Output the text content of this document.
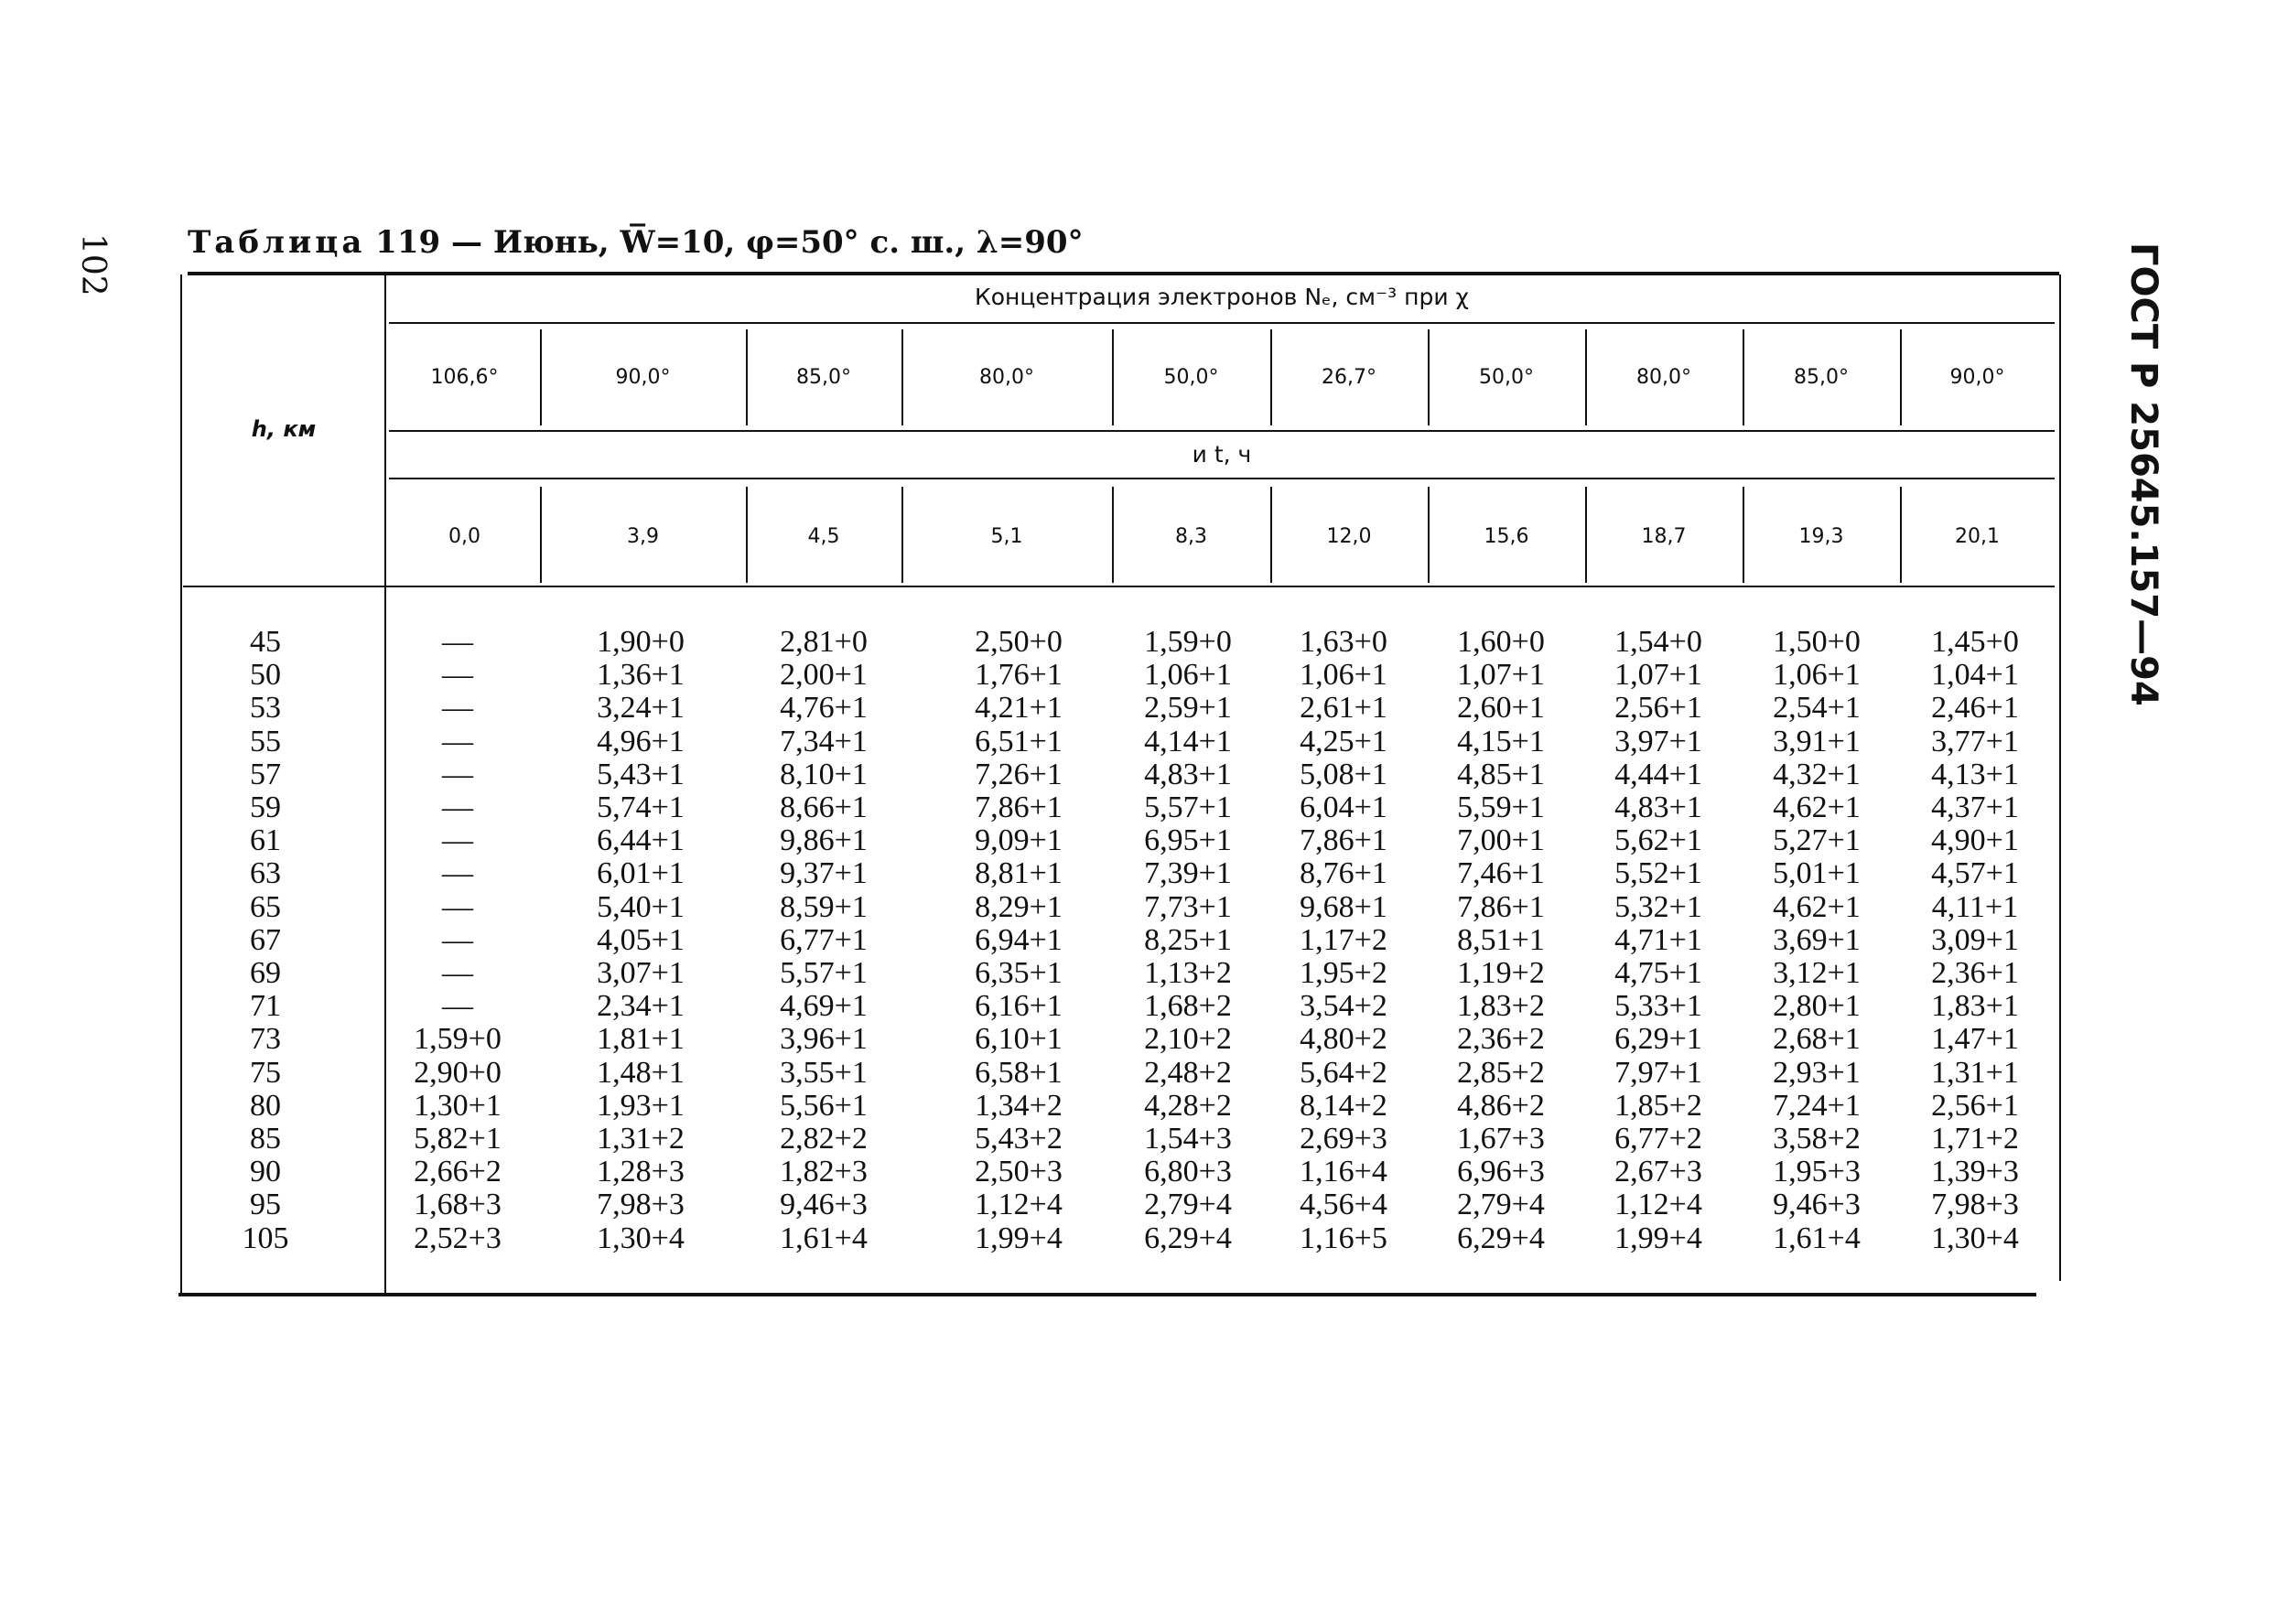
102	ГОСТ Р 25645.157—94
Таблица 119 — Июнь, W̅=10, φ=50° с. ш., λ=90°
h, км
Концентрация электронов Nₑ, см⁻³ при χ
и t, ч
106,6°	90,0°	85,0°	80,0°	50,0°	26,7°	50,0°	80,0°	85,0°	90,0°
0,0	3,9	4,5	5,1	8,3	12,0	15,6	18,7	19,3	20,1
45	—	1,90+0	2,81+0	2,50+0	1,59+0	1,63+0	1,60+0	1,54+0	1,50+0	1,45+0
50	—	1,36+1	2,00+1	1,76+1	1,06+1	1,06+1	1,07+1	1,07+1	1,06+1	1,04+1
53	—	3,24+1	4,76+1	4,21+1	2,59+1	2,61+1	2,60+1	2,56+1	2,54+1	2,46+1
55	—	4,96+1	7,34+1	6,51+1	4,14+1	4,25+1	4,15+1	3,97+1	3,91+1	3,77+1
57	—	5,43+1	8,10+1	7,26+1	4,83+1	5,08+1	4,85+1	4,44+1	4,32+1	4,13+1
59	—	5,74+1	8,66+1	7,86+1	5,57+1	6,04+1	5,59+1	4,83+1	4,62+1	4,37+1
61	—	6,44+1	9,86+1	9,09+1	6,95+1	7,86+1	7,00+1	5,62+1	5,27+1	4,90+1
63	—	6,01+1	9,37+1	8,81+1	7,39+1	8,76+1	7,46+1	5,52+1	5,01+1	4,57+1
65	—	5,40+1	8,59+1	8,29+1	7,73+1	9,68+1	7,86+1	5,32+1	4,62+1	4,11+1
67	—	4,05+1	6,77+1	6,94+1	8,25+1	1,17+2	8,51+1	4,71+1	3,69+1	3,09+1
69	—	3,07+1	5,57+1	6,35+1	1,13+2	1,95+2	1,19+2	4,75+1	3,12+1	2,36+1
71	—	2,34+1	4,69+1	6,16+1	1,68+2	3,54+2	1,83+2	5,33+1	2,80+1	1,83+1
73	1,59+0	1,81+1	3,96+1	6,10+1	2,10+2	4,80+2	2,36+2	6,29+1	2,68+1	1,47+1
75	2,90+0	1,48+1	3,55+1	6,58+1	2,48+2	5,64+2	2,85+2	7,97+1	2,93+1	1,31+1
80	1,30+1	1,93+1	5,56+1	1,34+2	4,28+2	8,14+2	4,86+2	1,85+2	7,24+1	2,56+1
85	5,82+1	1,31+2	2,82+2	5,43+2	1,54+3	2,69+3	1,67+3	6,77+2	3,58+2	1,71+2
90	2,66+2	1,28+3	1,82+3	2,50+3	6,80+3	1,16+4	6,96+3	2,67+3	1,95+3	1,39+3
95	1,68+3	7,98+3	9,46+3	1,12+4	2,79+4	4,56+4	2,79+4	1,12+4	9,46+3	7,98+3
105	2,52+3	1,30+4	1,61+4	1,99+4	6,29+4	1,16+5	6,29+4	1,99+4	1,61+4	1,30+4
